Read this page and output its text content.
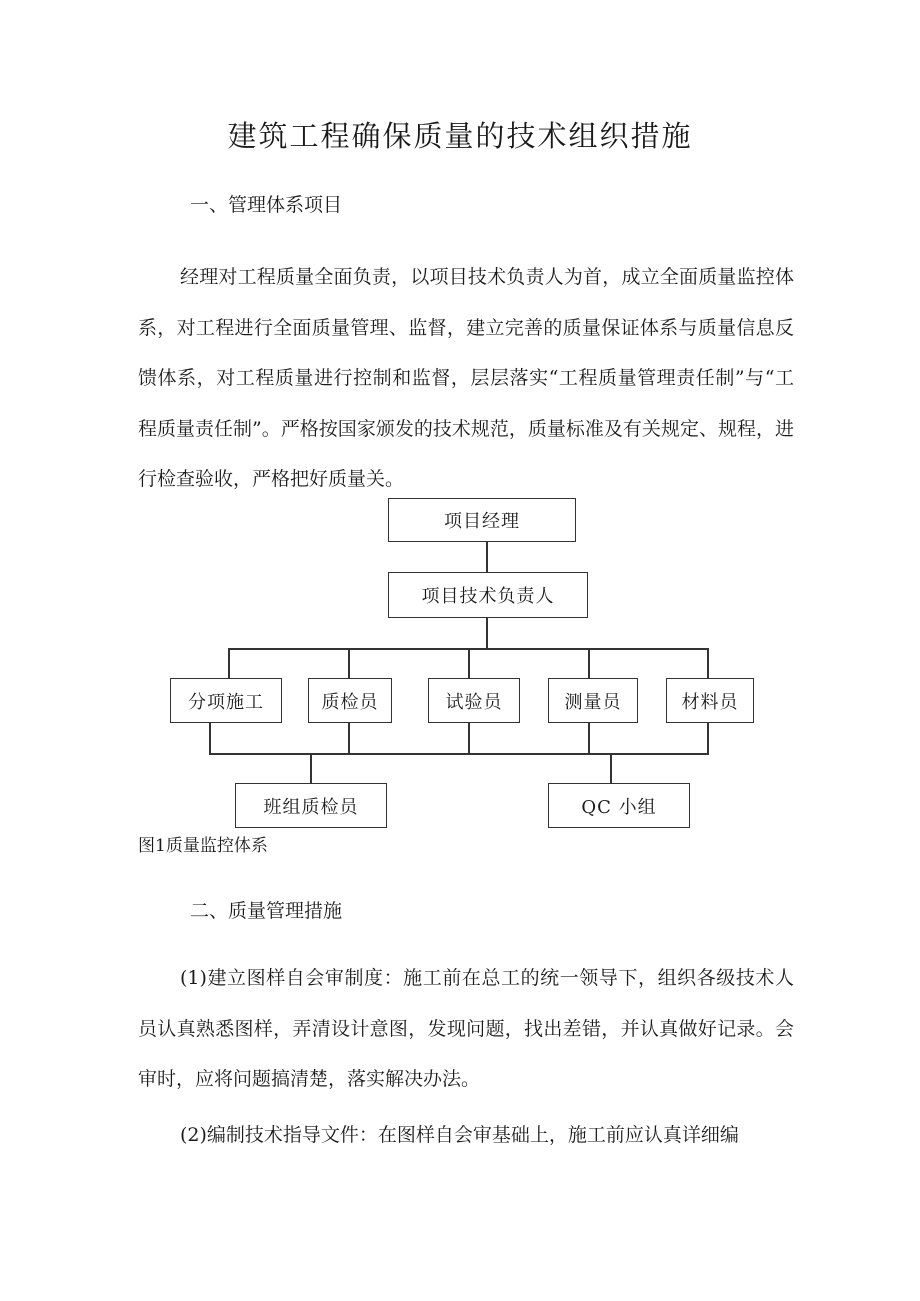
建筑工程确保质量的技术组织措施

一、管理体系项目

经理对工程质量全面负责，以项目技术负责人为首，成立全面质量监控体系，对工程进行全面质量管理、监督，建立完善的质量保证体系与质量信息反馈体系，对工程质量进行控制和监督，层层落实“工程质量管理责任制”与“工程质量责任制”。严格按国家颁发的技术规范，质量标准及有关规定、规程，进行检查验收，严格把好质量关。

项目经理
项目技术负责人
分项施工	质检员	试验员	测量员	材料员
班组质检员	QC 小组

图1质量监控体系

二、质量管理措施

(1)建立图样自会审制度：施工前在总工的统一领导下，组织各级技术人员认真熟悉图样，弄清设计意图，发现问题，找出差错，并认真做好记录。会审时，应将问题搞清楚，落实解决办法。

(2)编制技术指导文件：在图样自会审基础上，施工前应认真详细编
